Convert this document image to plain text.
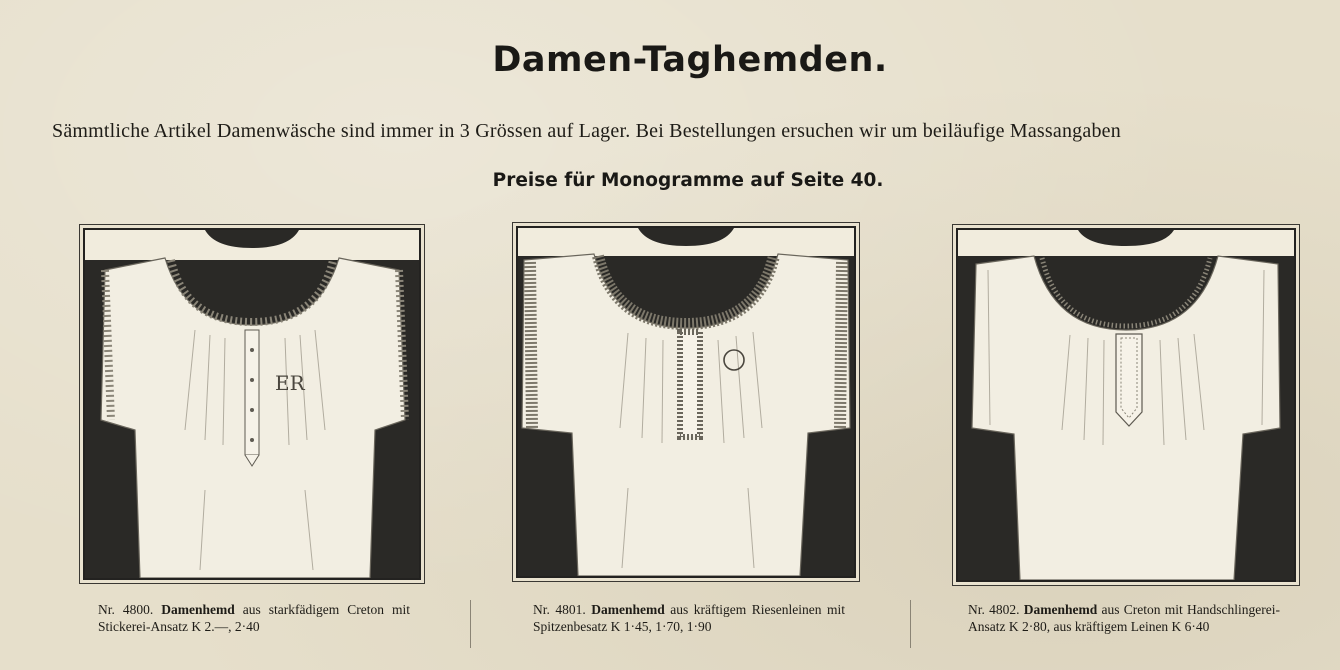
Damen-Taghemden.
Sämmtliche Artikel Damenwäsche sind immer in 3 Grössen auf Lager. Bei Bestellungen ersuchen wir um beiläufige Massangaben
Preise für Monogramme auf Seite 40.
ER
Nr. 4800. Damenhemd aus starkfädigem Creton mit Stickerei-Ansatz K 2.—, 2·40
Nr. 4801. Damenhemd aus kräftigem Riesenleinen mit Spitzenbesatz K 1·45, 1·70, 1·90
Nr. 4802. Damenhemd aus Creton mit Handschlingerei-Ansatz K 2·80, aus kräftigem Leinen K 6·40
